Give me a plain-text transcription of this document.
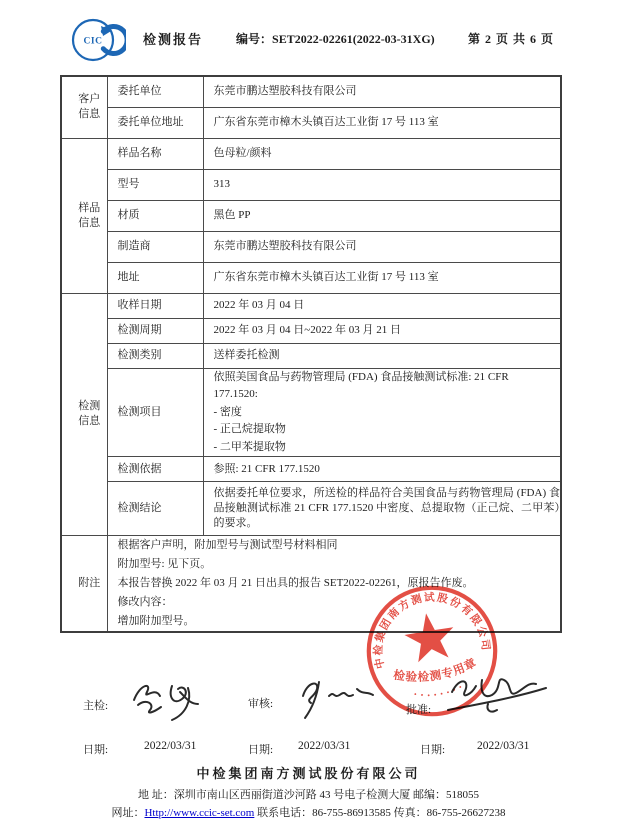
CIC	检测报告	编号：SET2022-02261(2022-03-31XG)	第 2 页 共 6 页
客户
信息	委托单位	东莞市鹏达塑胶科技有限公司
	委托单位地址	广东省东莞市樟木头镇百达工业街 17 号 113 室

样品
信息	样品名称	色母粒/颜料
	型号	313
	材质	黑色 PP
	制造商	东莞市鹏达塑胶科技有限公司
	地址	广东省东莞市樟木头镇百达工业街 17 号 113 室

检测
信息	收样日期	2022 年 03 月 04 日
	检测周期	2022 年 03 月 04 日~2022 年 03 月 21 日
	检测类别	送样委托检测
	检测项目	依照美国食品与药物管理局 (FDA) 食品接触测试标准: 21 CFR
177.1520:
- 密度
- 正己烷提取物
- 二甲苯提取物

	检测依据	参照: 21 CFR 177.1520
	检测结论	依据委托单位要求，所送检的样品符合美国食品与药物管理局 (FDA) 食品接触测试标准 21 CFR 177.1520 中密度、总提取物（正己烷、二甲苯）的要求。

附注	根据客户声明，附加型号与测试型号材料相同
附加型号: 见下页。
本报告替换 2022 年 03 月 21 日出具的报告 SET2022-02261，原报告作废。
修改内容：
增加附加型号。	
主检:	审核:	批准:
日期:	2022/03/31	日期: 2022/03/31	日期:	2022/03/31
中检集团南方测试股份有限公司
检验检测专用章
中检集团南方测试股份有限公司
地 址：深圳市南山区西丽街道沙河路 43 号电子检测大厦 邮编：518055
网址：Http://www.ccic-set.com 联系电话：86-755-86913585 传真：86-755-26627238
